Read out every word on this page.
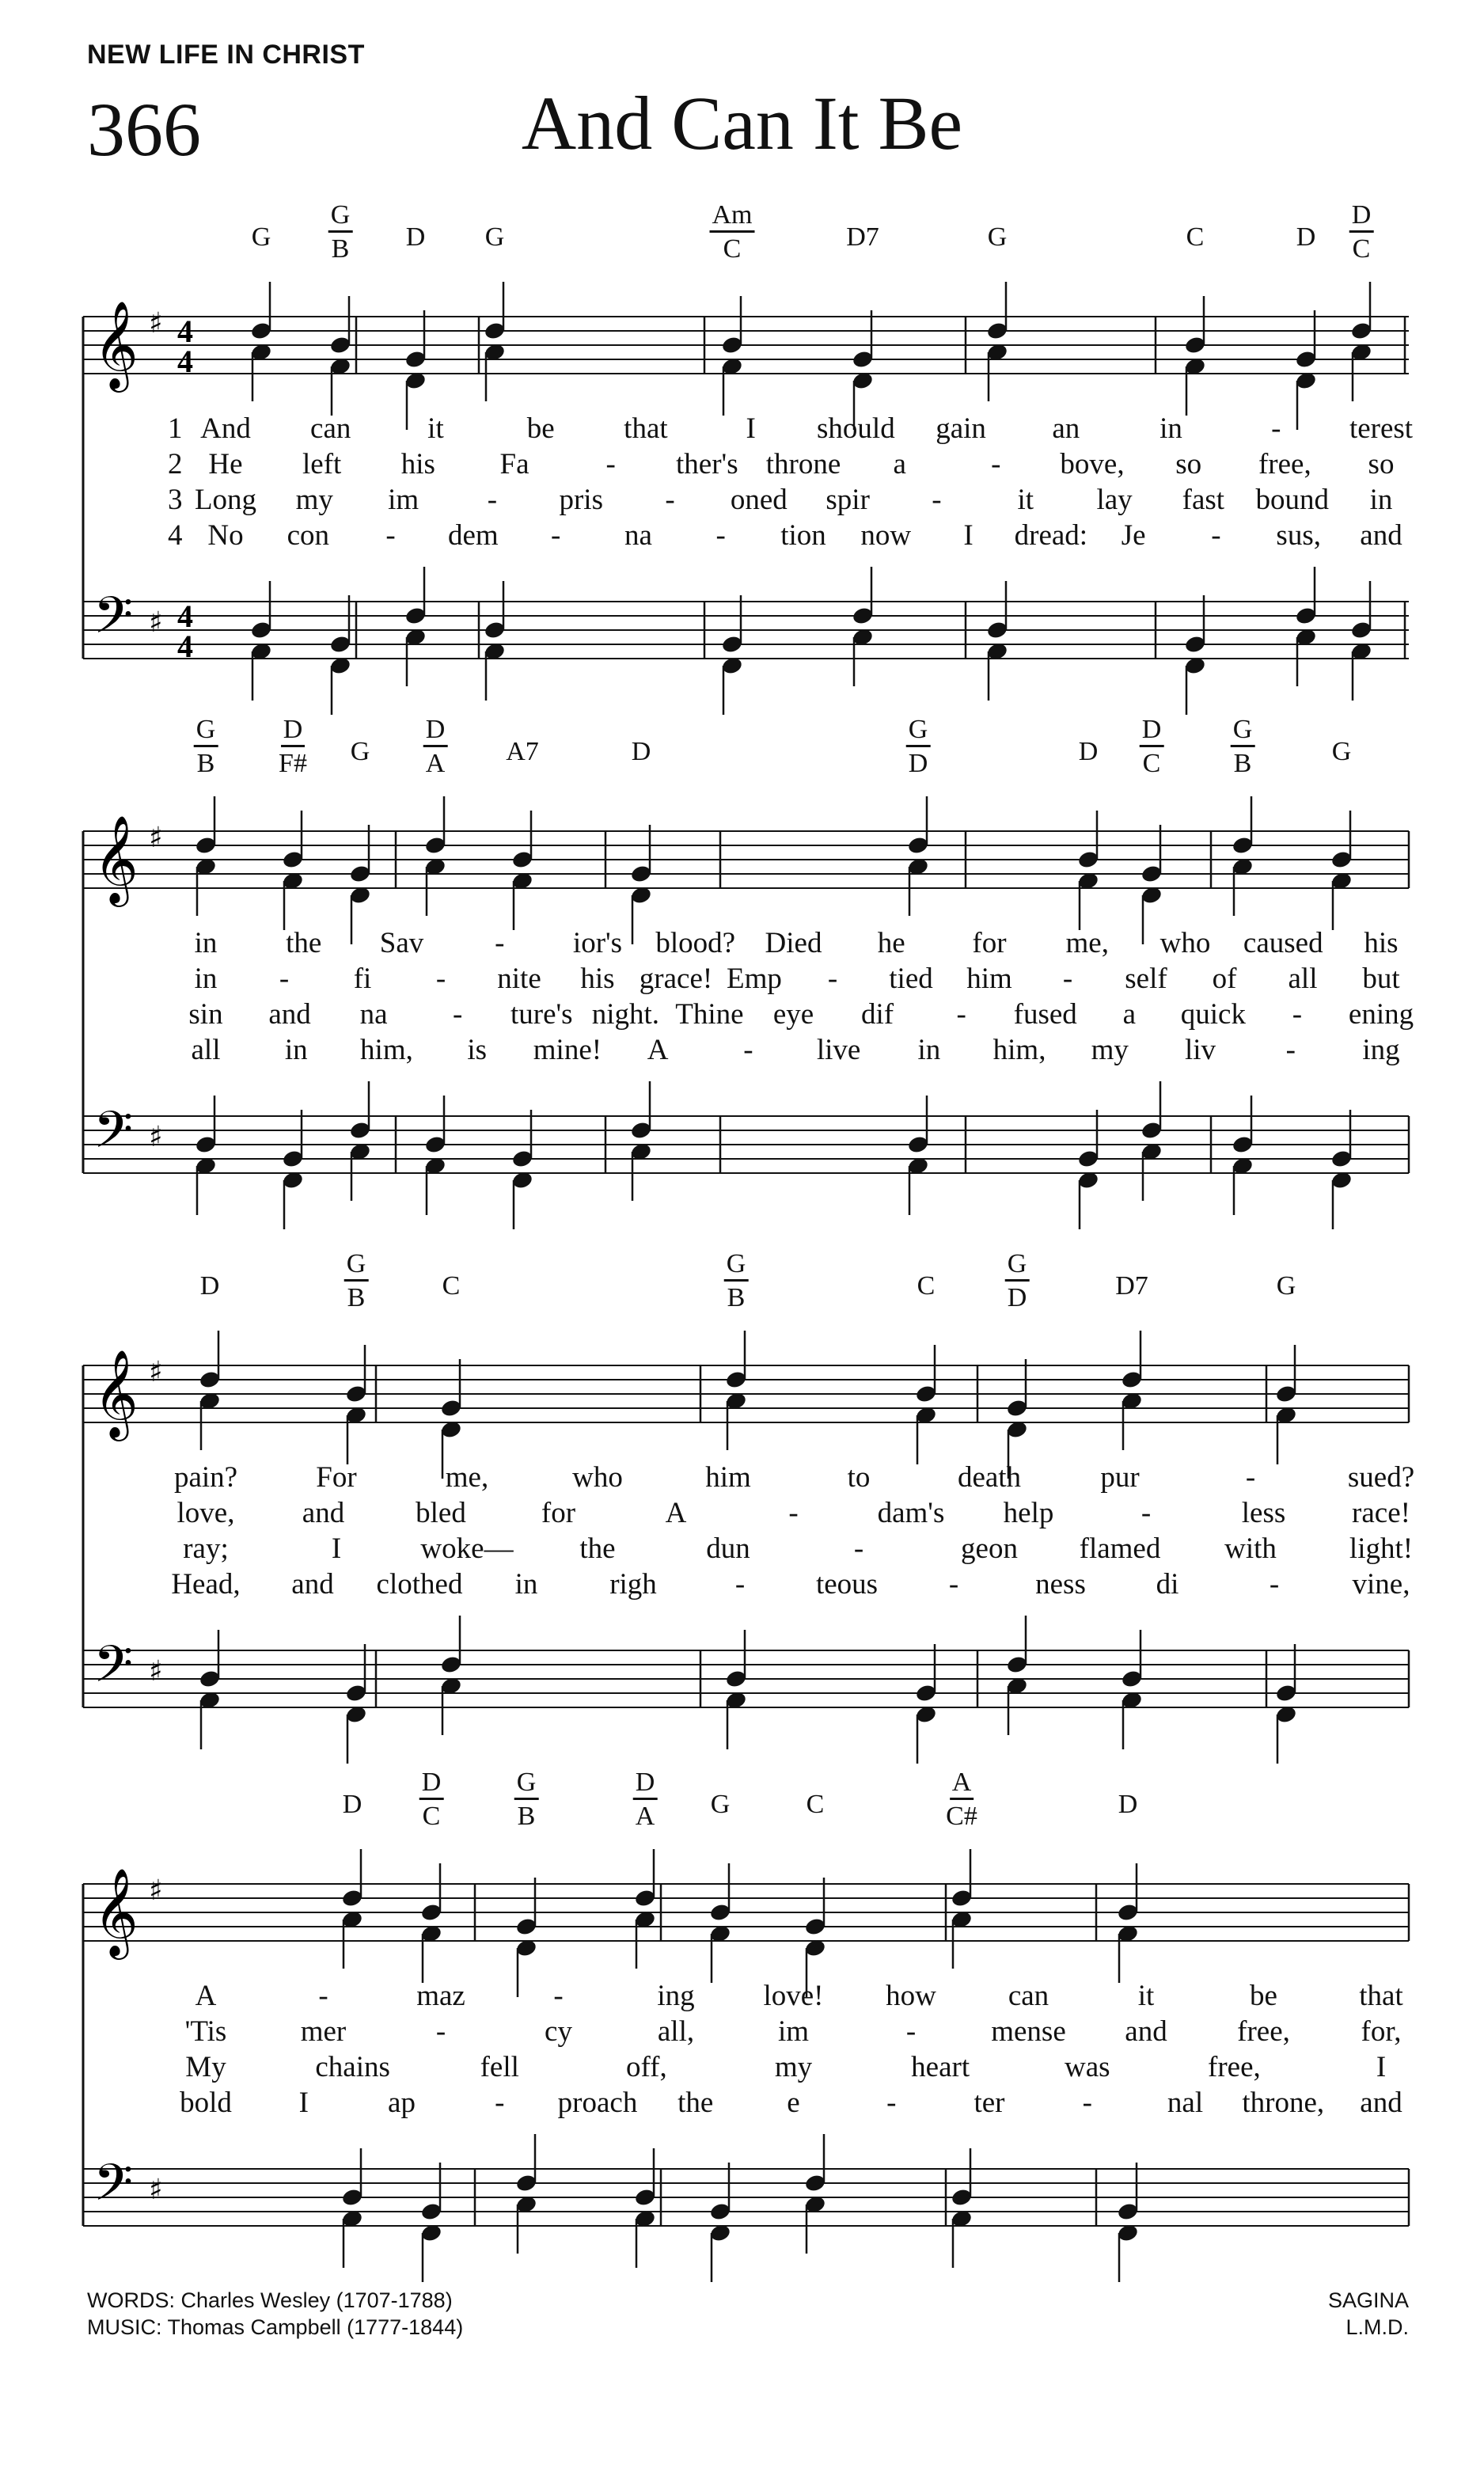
NEW LIFE IN CHRIST
366	And Can It Be
𝄞
𝄢
♯
♯
4
4
4
4
G $\frac{G}{B}$ D G	$\frac{Am}{C}$	D7	G	C	D $\frac{D}{C}$
1 And can	it	be that	I should gain an	in	- terest
2 He left his Fa	- ther's throne a	- bove, so free, so
3 Long my im - pris - oned spir -	it lay fast bound in
4 No con - dem - na - tion now I dread: Je - sus, and
𝄞
𝄢
♯
♯
$\frac{G}{B} \frac{D}{F\#}$ G $\frac{D}{A} A7$	D	$\frac{G}{D}$	D $\frac{D}{C} \frac{G}{B}$	G
in the Sav - ior's blood? Died he for me, who caused his
in - fi - nite his grace! Emp - tied him - self of all but
sin and na - ture's night. Thine eye dif - fused a quick - ening
all in him, is mine! A	- live in him, my liv - ing
𝄞
𝄢
♯
♯
D	$\frac{G}{B}$	C	$\frac{G}{B}$	C	$\frac{G}{D}$	D7	G
pain?	For	me,	who	him	to	death	pur	-	sued?
love, and bled	for	A	-	dam's help	-	less race!
ray;	I	woke— the	dun	-	geon flamed with light!
Head, and clothed in righ	- teous -	ness di	- vine,
𝄞
𝄢
♯
♯
D $\frac{D}{C}$	$\frac{G}{B}$	$\frac{D}{A}$ G	C	$\frac{A}{C\#}$	D
A	-	maz	-	ing love! how can	it	be	that
'Tis	mer	-	cy	all,	im	-	mense and free, for,
My	chains	fell	off,	my	heart	was	free,	I
bold I	ap	- proach the	e	-	ter	-	nal throne, and
WORDS: Charles Wesley (1707-1788)
MUSIC: Thomas Campbell (1777-1844)
SAGINA
L.M.D.
